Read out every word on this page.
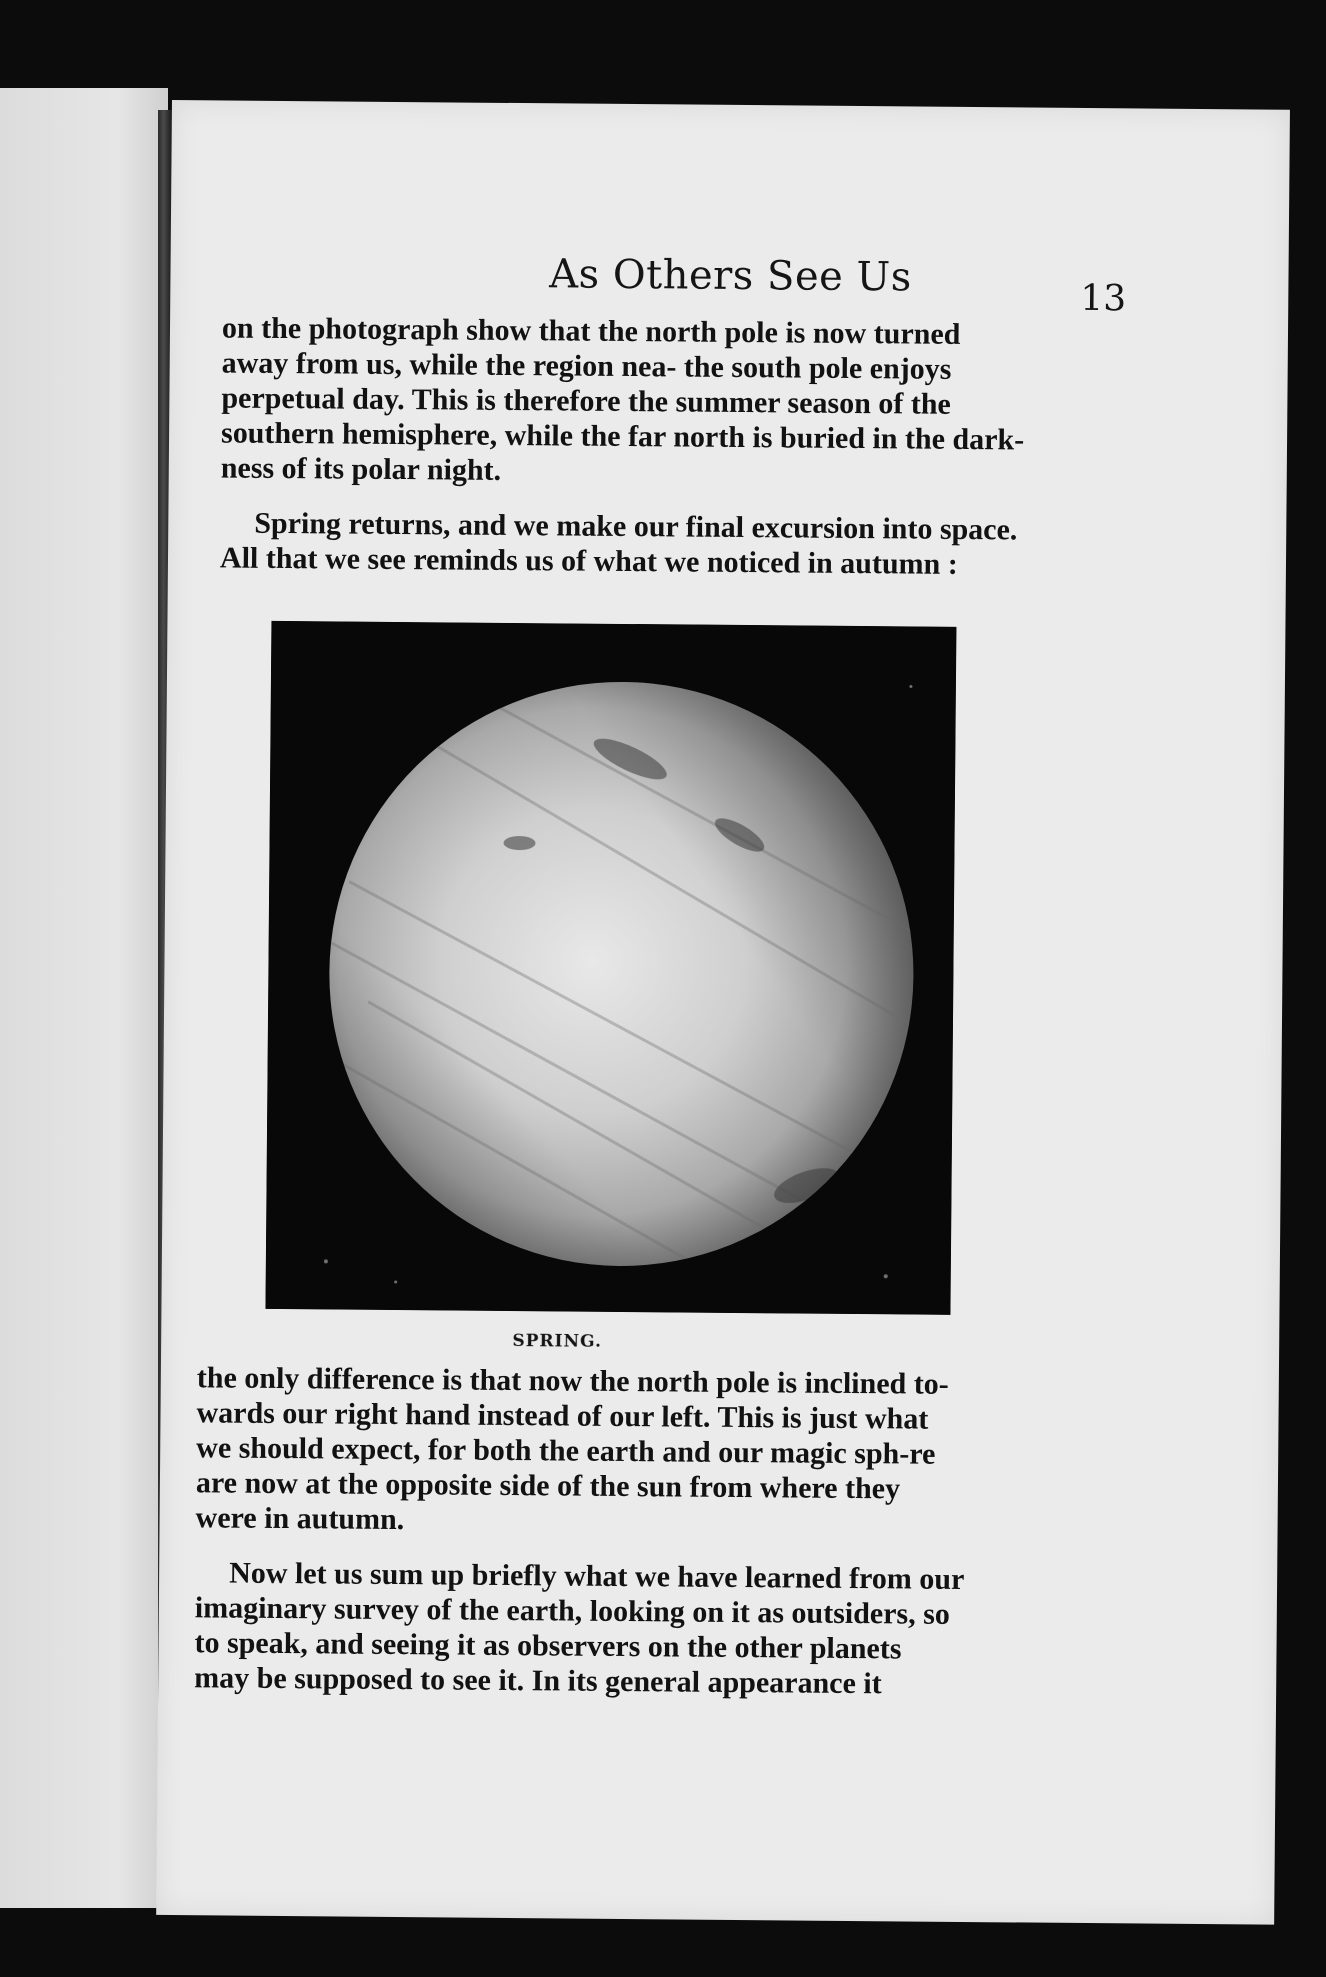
As Others See Us	13

on the photograph show that the north pole is now turned
away from us, while the region nea- the south pole enjoys
perpetual day. This is therefore the summer season of the
southern hemisphere, while the far north is buried in the dark-
ness of its polar night.

Spring returns, and we make our final excursion into space.
All that we see reminds us of what we noticed in autumn :

SPRING.

the only difference is that now the north pole is inclined to-
wards our right hand instead of our left. This is just what
we should expect, for both the earth and our magic sph-re
are now at the opposite side of the sun from where they
were in autumn.

Now let us sum up briefly what we have learned from our
imaginary survey of the earth, looking on it as outsiders, so
to speak, and seeing it as observers on the other planets
may be supposed to see it. In its general appearance it
